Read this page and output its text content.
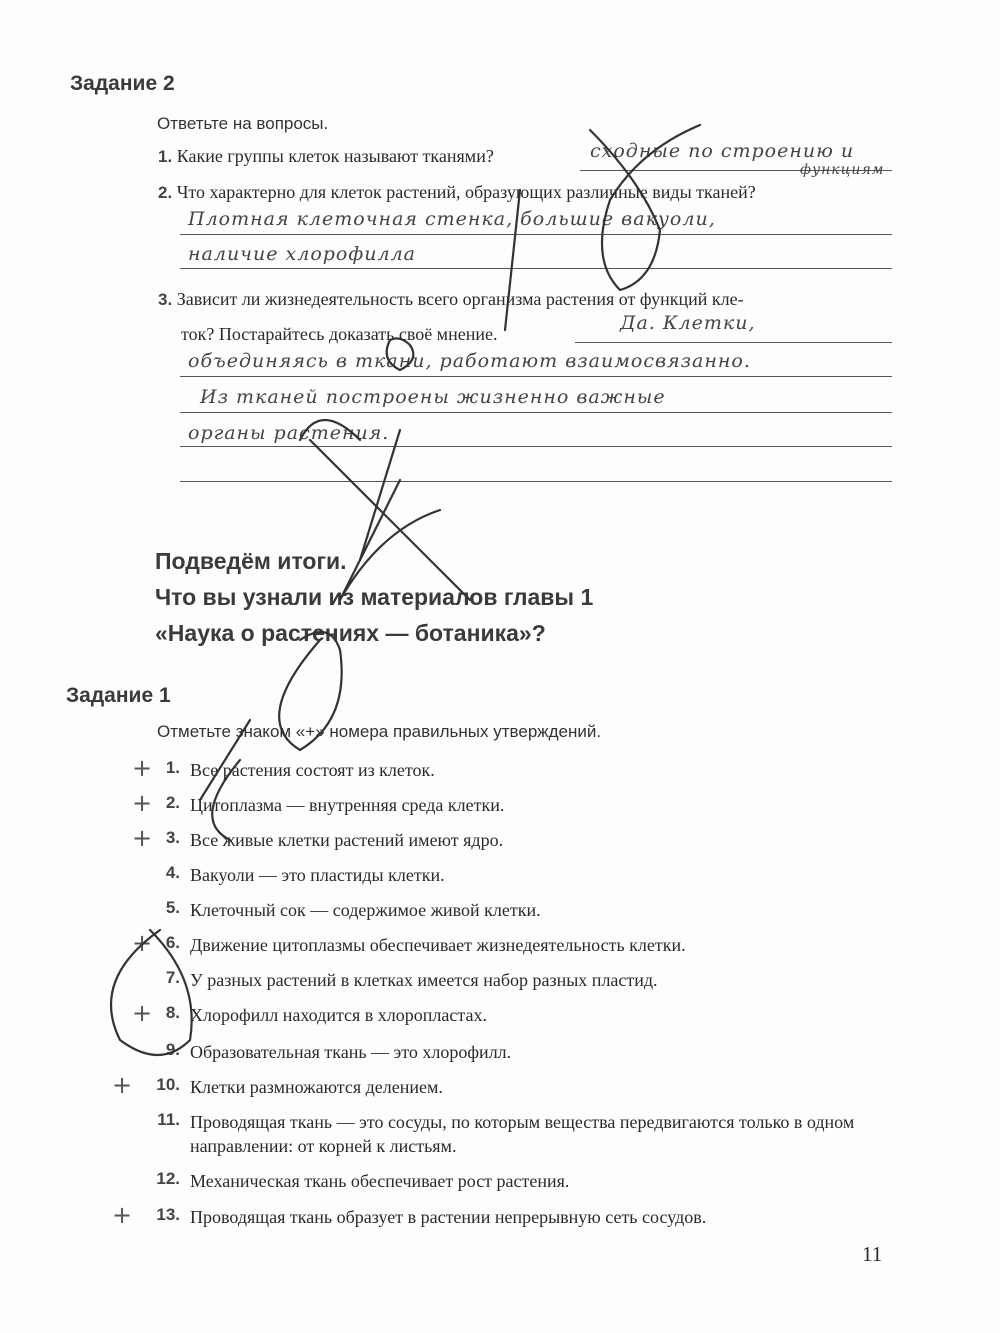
Задание 2
Ответьте на вопросы.
1. Какие группы клеток называют тканями?	сходные по строению и
функциям
2. Что характерно для клеток растений, образующих различные виды тканей?
Плотная клеточная стенка, большие вакуоли,
наличие хлорофилла
3. Зависит ли жизнедеятельность всего организма растения от функций кле-
ток? Постарайтесь доказать своё мнение.	Да. Клетки,
объединяясь в ткани, работают взаимосвязанно.
Из тканей построены жизненно важные
органы растения.
Подведём итоги.
Что вы узнали из материалов главы 1
«Наука о растениях — ботаника»?
Задание 1
Отметьте знаком «+» номера правильных утверждений.
1. Все растения состоят из клеток.
+
2. Цитоплазма — внутренняя среда клетки.
+
3. Все живые клетки растений имеют ядро.
+
4. Вакуоли — это пластиды клетки.
5. Клеточный сок — содержимое живой клетки.
6. Движение цитоплазмы обеспечивает жизнедеятельность клетки.
+
7. У разных растений в клетках имеется набор разных пластид.
8. Хлорофилл находится в хлоропластах.
+
9. Образовательная ткань — это хлорофилл.
10. Клетки размножаются делением.
+
11. Проводящая ткань — это сосуды, по которым вещества передвигаются только в одном направлении: от корней к листьям.
12. Механическая ткань обеспечивает рост растения.
13. Проводящая ткань образует в растении непрерывную сеть сосудов.
+
11
